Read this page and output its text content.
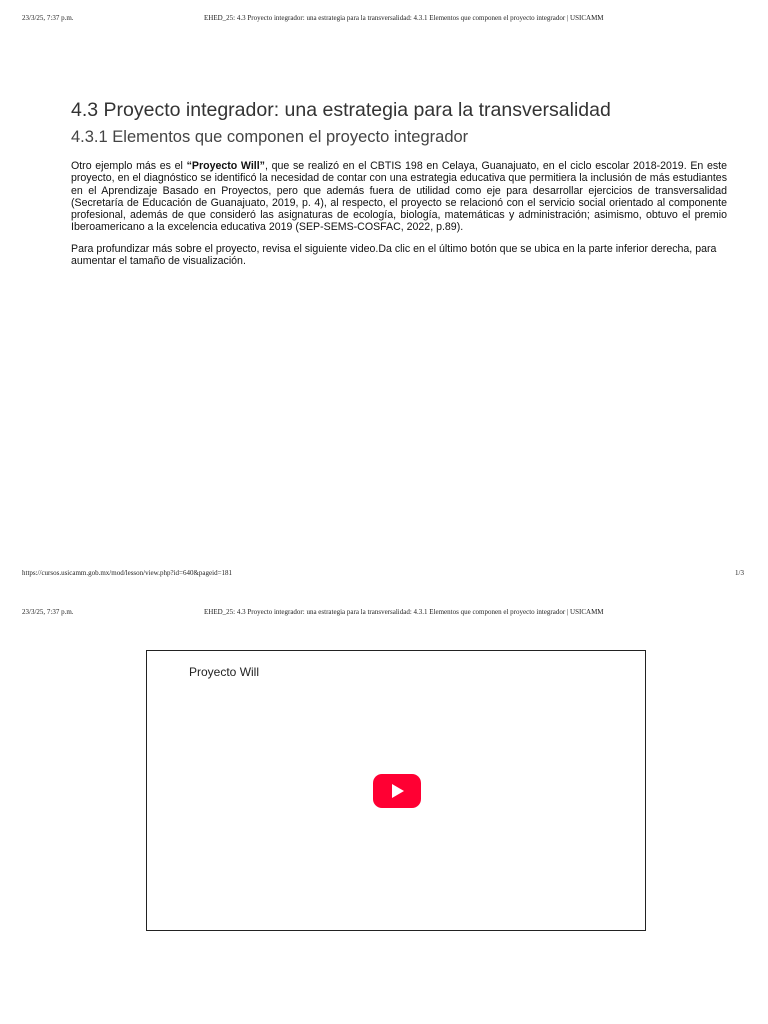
23/3/25, 7:37 p.m.	EHED_25: 4.3 Proyecto integrador: una estrategia para la transversalidad: 4.3.1 Elementos que componen el proyecto integrador | USICAMM
4.3 Proyecto integrador: una estrategia para la transversalidad
4.3.1 Elementos que componen el proyecto integrador

Otro ejemplo más es el “Proyecto Will”, que se realizó en el CBTIS 198 en Celaya, Guanajuato, en el ciclo escolar 2018-2019. En este proyecto, en el diagnóstico se identificó la necesidad de contar con una estrategia educativa que permitiera la inclusión de más estudiantes en el Aprendizaje Basado en Proyectos, pero que además fuera de utilidad como eje para desarrollar ejercicios de transversalidad (Secretaría de Educación de Guanajuato, 2019, p. 4), al respecto, el proyecto se relacionó con el servicio social orientado al componente profesional, además de que consideró las asignaturas de ecología, biología, matemáticas y administración; asimismo, obtuvo el premio Iberoamericano a la excelencia educativa 2019 (SEP-SEMS-COSFAC, 2022, p.89).

Para profundizar más sobre el proyecto, revisa el siguiente video.Da clic en el último botón que se ubica en la parte inferior derecha, para aumentar el tamaño de visualización.

https://cursos.usicamm.gob.mx/mod/lesson/view.php?id=640&pageid=181	1/3
23/3/25, 7:37 p.m.	EHED_25: 4.3 Proyecto integrador: una estrategia para la transversalidad: 4.3.1 Elementos que componen el proyecto integrador | USICAMM
Proyecto Will
